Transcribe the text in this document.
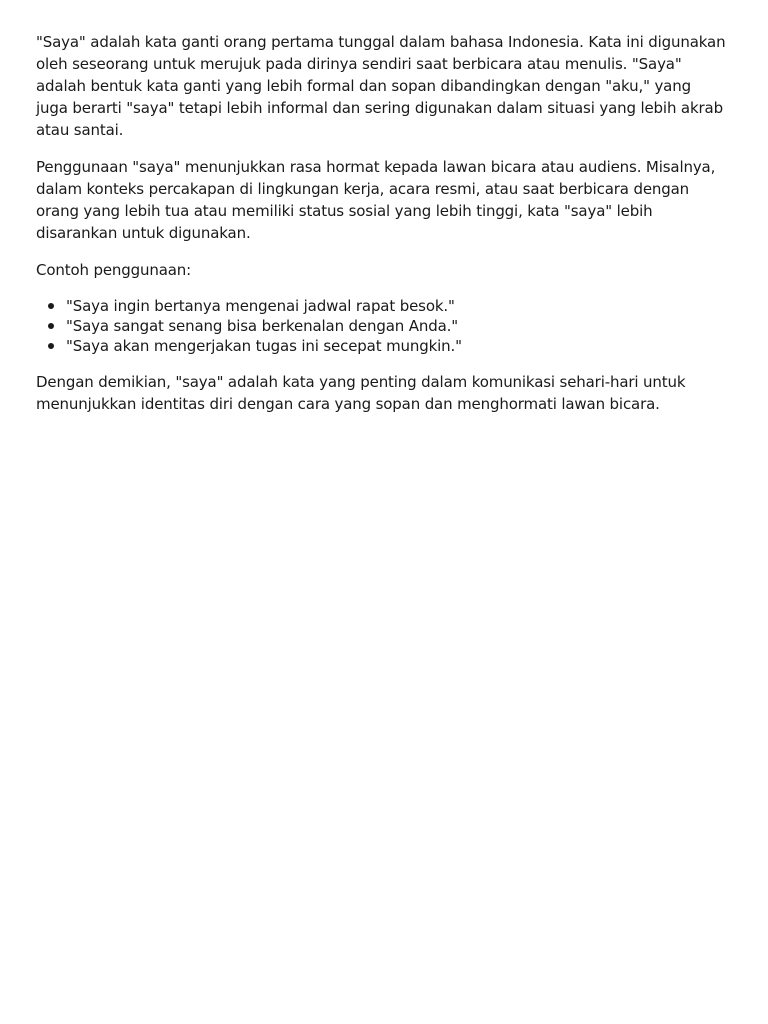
"Saya" adalah kata ganti orang pertama tunggal dalam bahasa Indonesia. Kata ini digunakan oleh seseorang untuk merujuk pada dirinya sendiri saat berbicara atau menulis. "Saya" adalah bentuk kata ganti yang lebih formal dan sopan dibandingkan dengan "aku," yang juga berarti "saya" tetapi lebih informal dan sering digunakan dalam situasi yang lebih akrab atau santai.

Penggunaan "saya" menunjukkan rasa hormat kepada lawan bicara atau audiens. Misalnya, dalam konteks percakapan di lingkungan kerja, acara resmi, atau saat berbicara dengan orang yang lebih tua atau memiliki status sosial yang lebih tinggi, kata "saya" lebih disarankan untuk digunakan.

Contoh penggunaan:

"Saya ingin bertanya mengenai jadwal rapat besok."
"Saya sangat senang bisa berkenalan dengan Anda."
"Saya akan mengerjakan tugas ini secepat mungkin."

Dengan demikian, "saya" adalah kata yang penting dalam komunikasi sehari-hari untuk menunjukkan identitas diri dengan cara yang sopan dan menghormati lawan bicara.
